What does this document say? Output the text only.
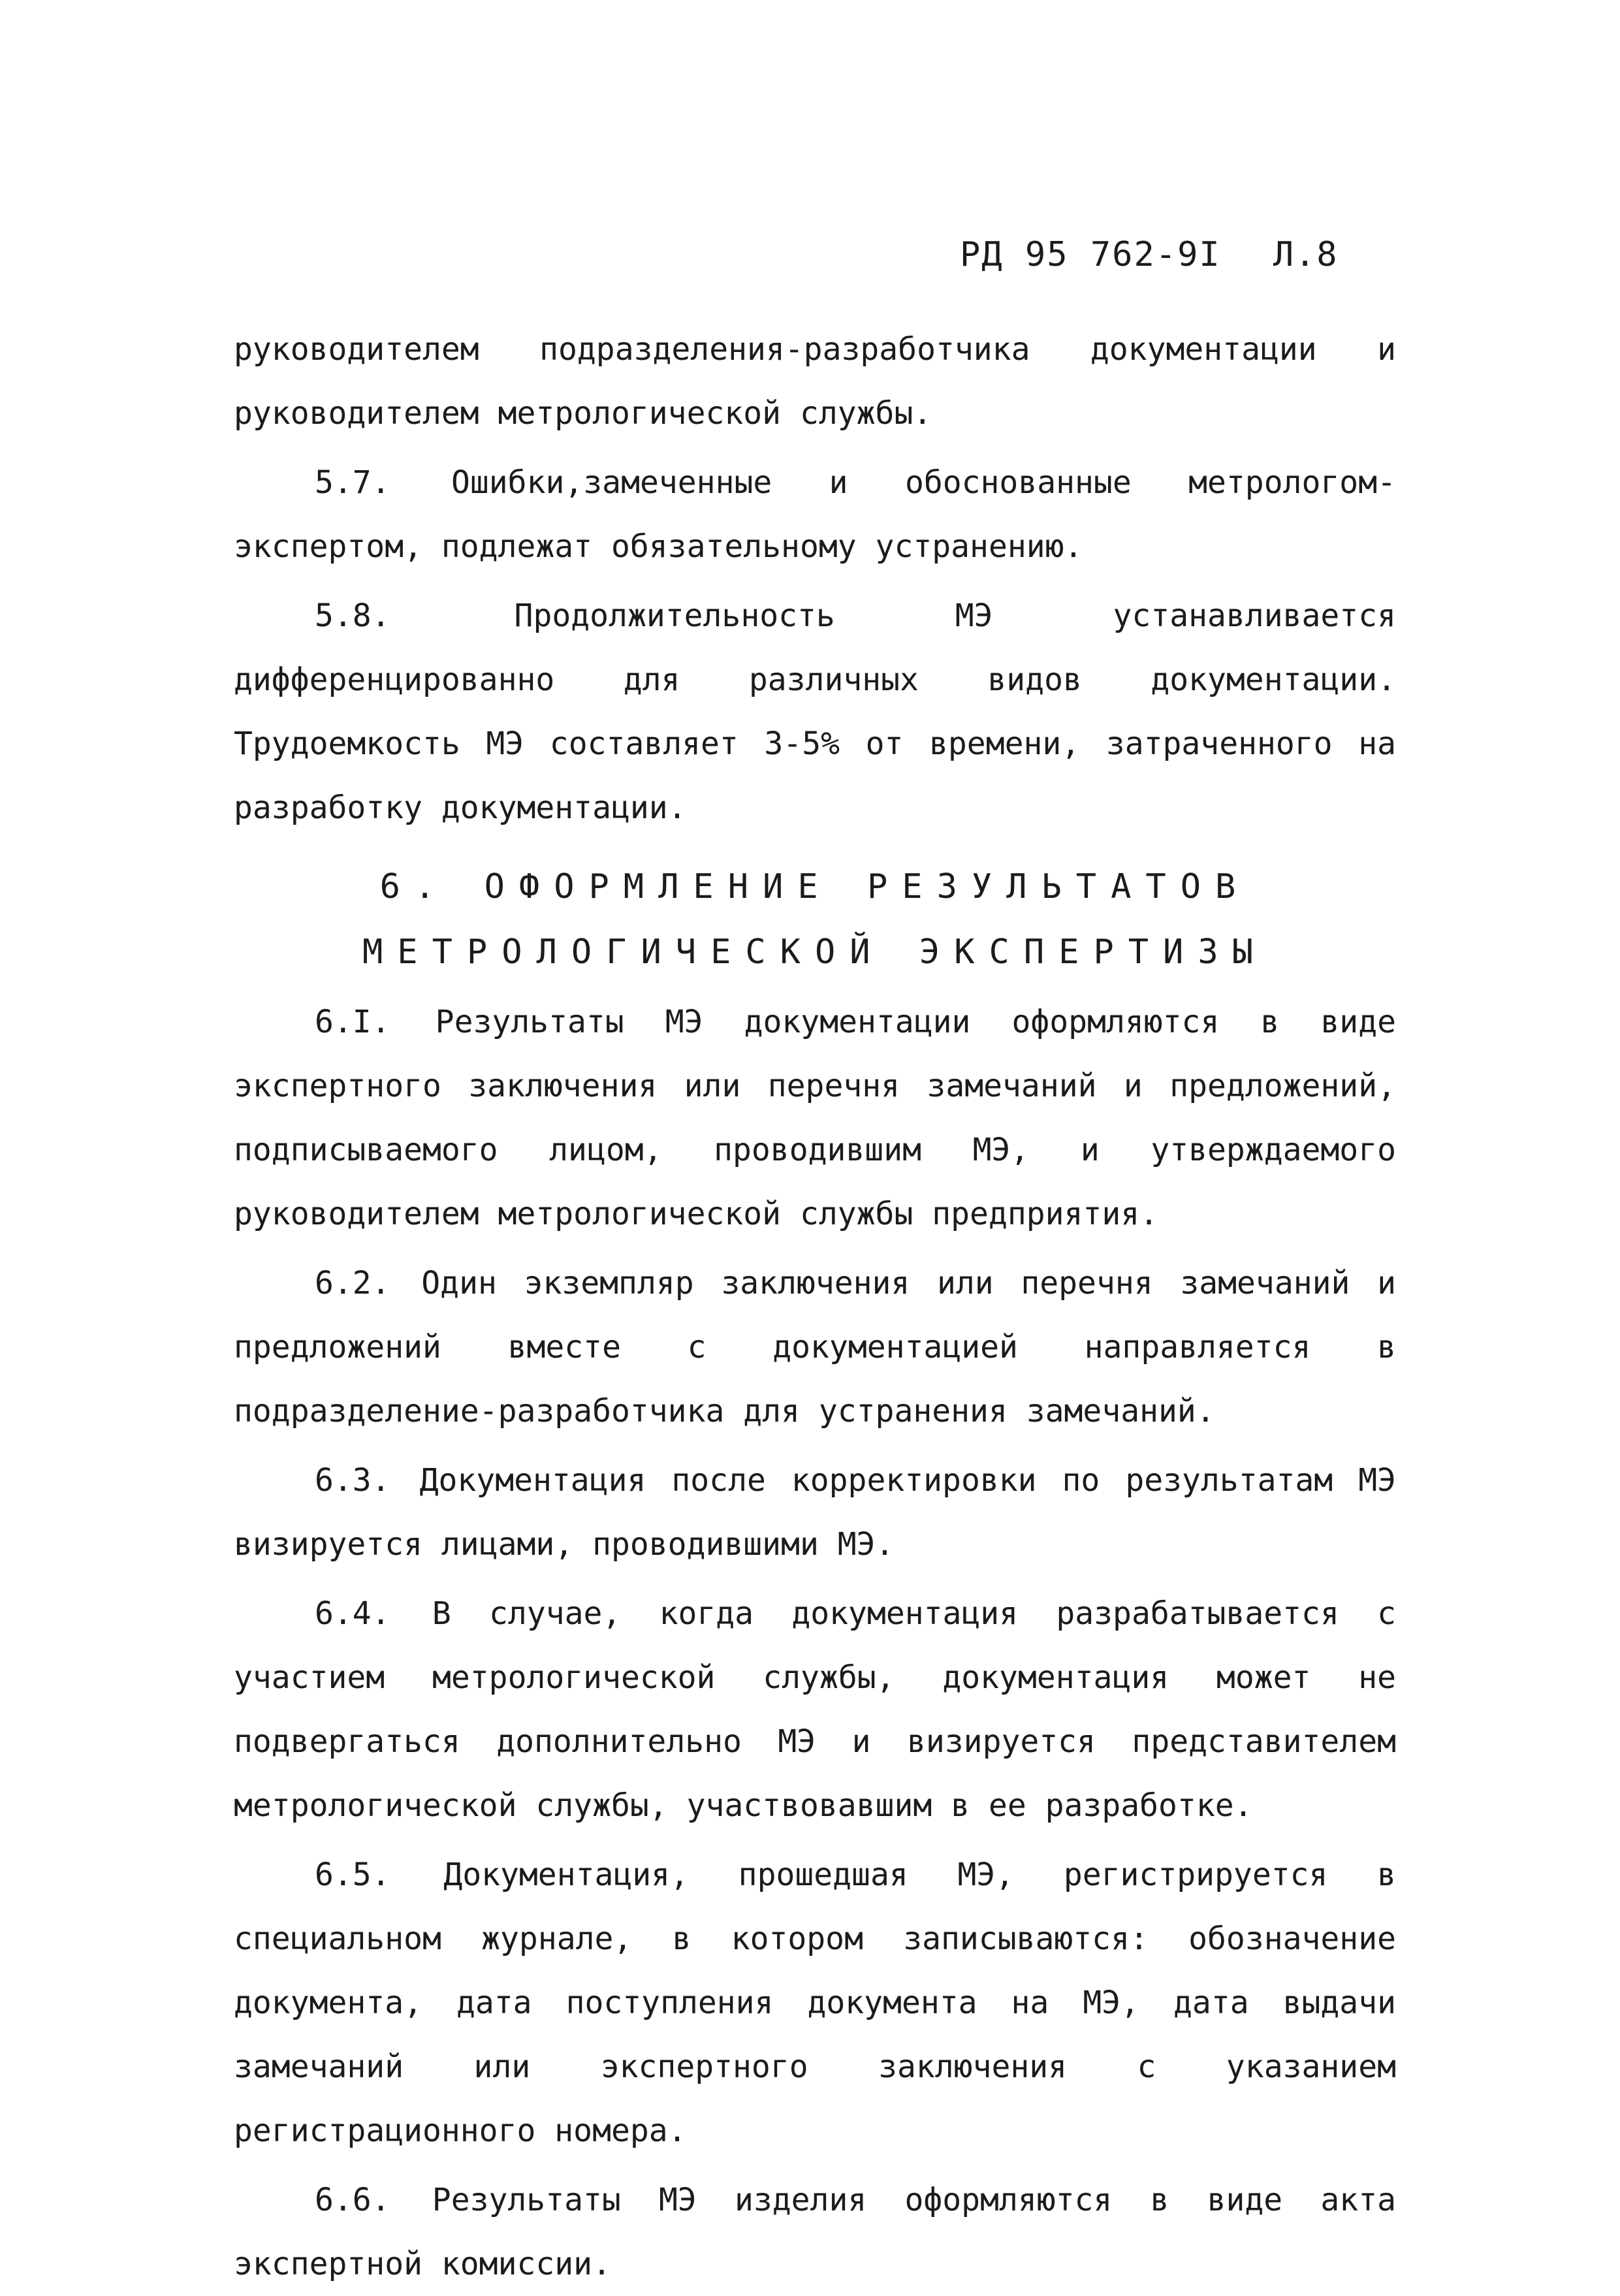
РД 95 762-9I Л.8

руководителем подразделения-разработчика документации и руководителем метрологической службы.

5.7. Ошибки,замеченные и обоснованные метрологом-экспертом, подлежат обязательному устранению.

5.8.	Продолжительность МЭ устанавливается дифференцированно для различных видов документации. Трудоемкость МЭ составляет 3-5% от времени, затраченного на разработку документации.

6. ОФОРМЛЕНИЕ РЕЗУЛЬТАТОВ
МЕТРОЛОГИЧЕСКОЙ ЭКСПЕРТИЗЫ

6.I. Результаты МЭ документации оформляются в виде экспертного заключения или перечня замечаний и предложений, подписываемого лицом, проводившим МЭ, и утверждаемого руководителем метрологической службы предприятия.

6.2. Один экземпляр заключения или перечня замечаний и предложений вместе с документацией направляется в подразделение-разработчика для устранения замечаний.

6.3. Документация после корректировки по результатам МЭ визируется лицами, проводившими МЭ.

6.4. В случае, когда документация разрабатывается с участием метрологической службы, документация может не подвергаться дополнительно МЭ и визируется представителем метрологической службы, участвовавшим в ее разработке.

6.5. Документация, прошедшая МЭ, регистрируется в специальном журнале, в котором записываются: обозначение документа, дата поступления документа на МЭ, дата выдачи замечаний или экспертного заключения с указанием регистрационного номера.

6.6. Результаты МЭ изделия оформляются в виде акта экспертной комиссии.
